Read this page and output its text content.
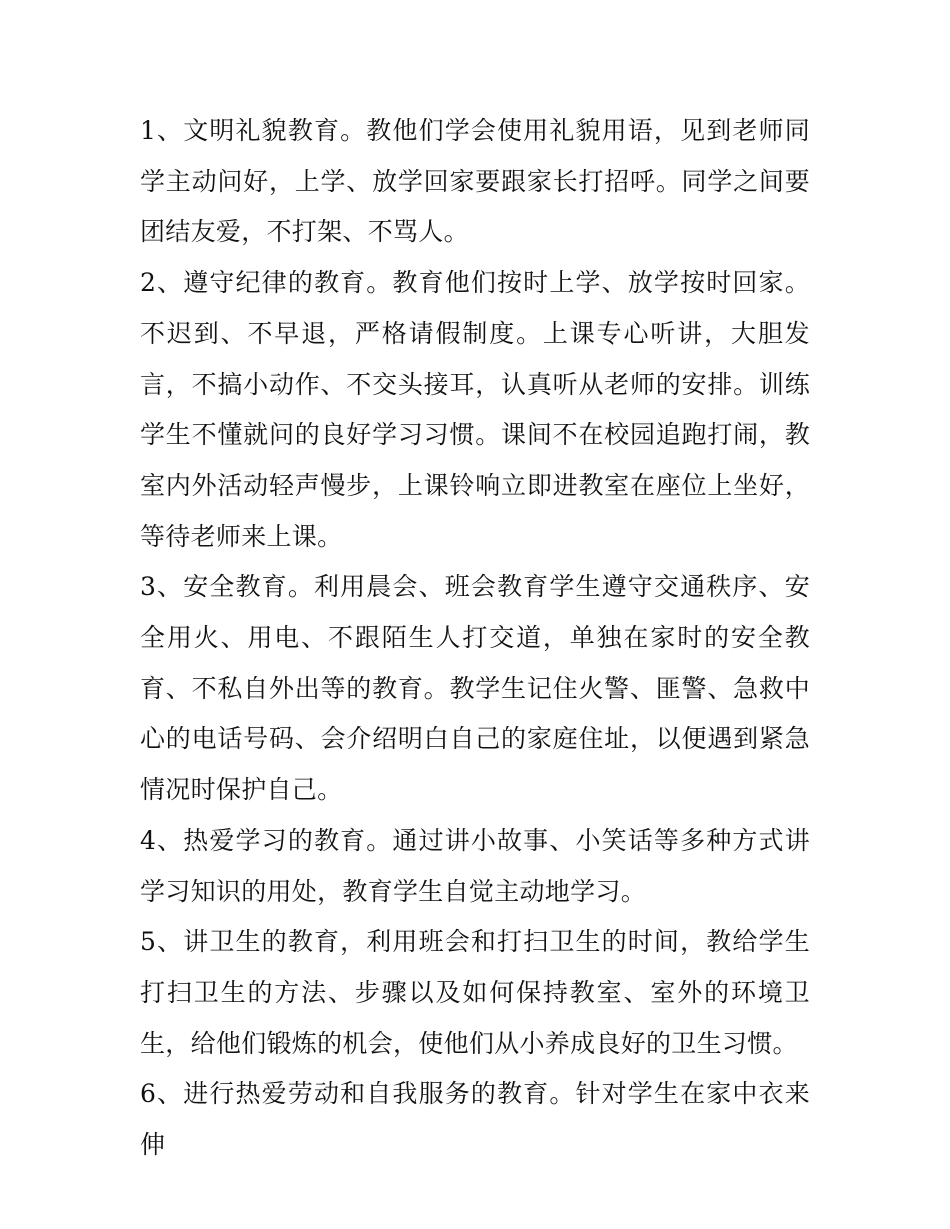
1、文明礼貌教育。教他们学会使用礼貌用语，见到老师同学主动问好，上学、放学回家要跟家长打招呼。同学之间要团结友爱，不打架、不骂人。

2、遵守纪律的教育。教育他们按时上学、放学按时回家。不迟到、不早退，严格请假制度。上课专心听讲，大胆发言，不搞小动作、不交头接耳，认真听从老师的安排。训练学生不懂就问的良好学习习惯。课间不在校园追跑打闹，教室内外活动轻声慢步，上课铃响立即进教室在座位上坐好，等待老师来上课。

3、安全教育。利用晨会、班会教育学生遵守交通秩序、安全用火、用电、不跟陌生人打交道，单独在家时的安全教育、不私自外出等的教育。教学生记住火警、匪警、急救中心的电话号码、会介绍明白自己的家庭住址，以便遇到紧急情况时保护自己。

4、热爱学习的教育。通过讲小故事、小笑话等多种方式讲学习知识的用处，教育学生自觉主动地学习。

5、讲卫生的教育，利用班会和打扫卫生的时间，教给学生打扫卫生的方法、步骤以及如何保持教室、室外的环境卫生，给他们锻炼的机会，使他们从小养成良好的卫生习惯。

6、进行热爱劳动和自我服务的教育。针对学生在家中衣来伸
